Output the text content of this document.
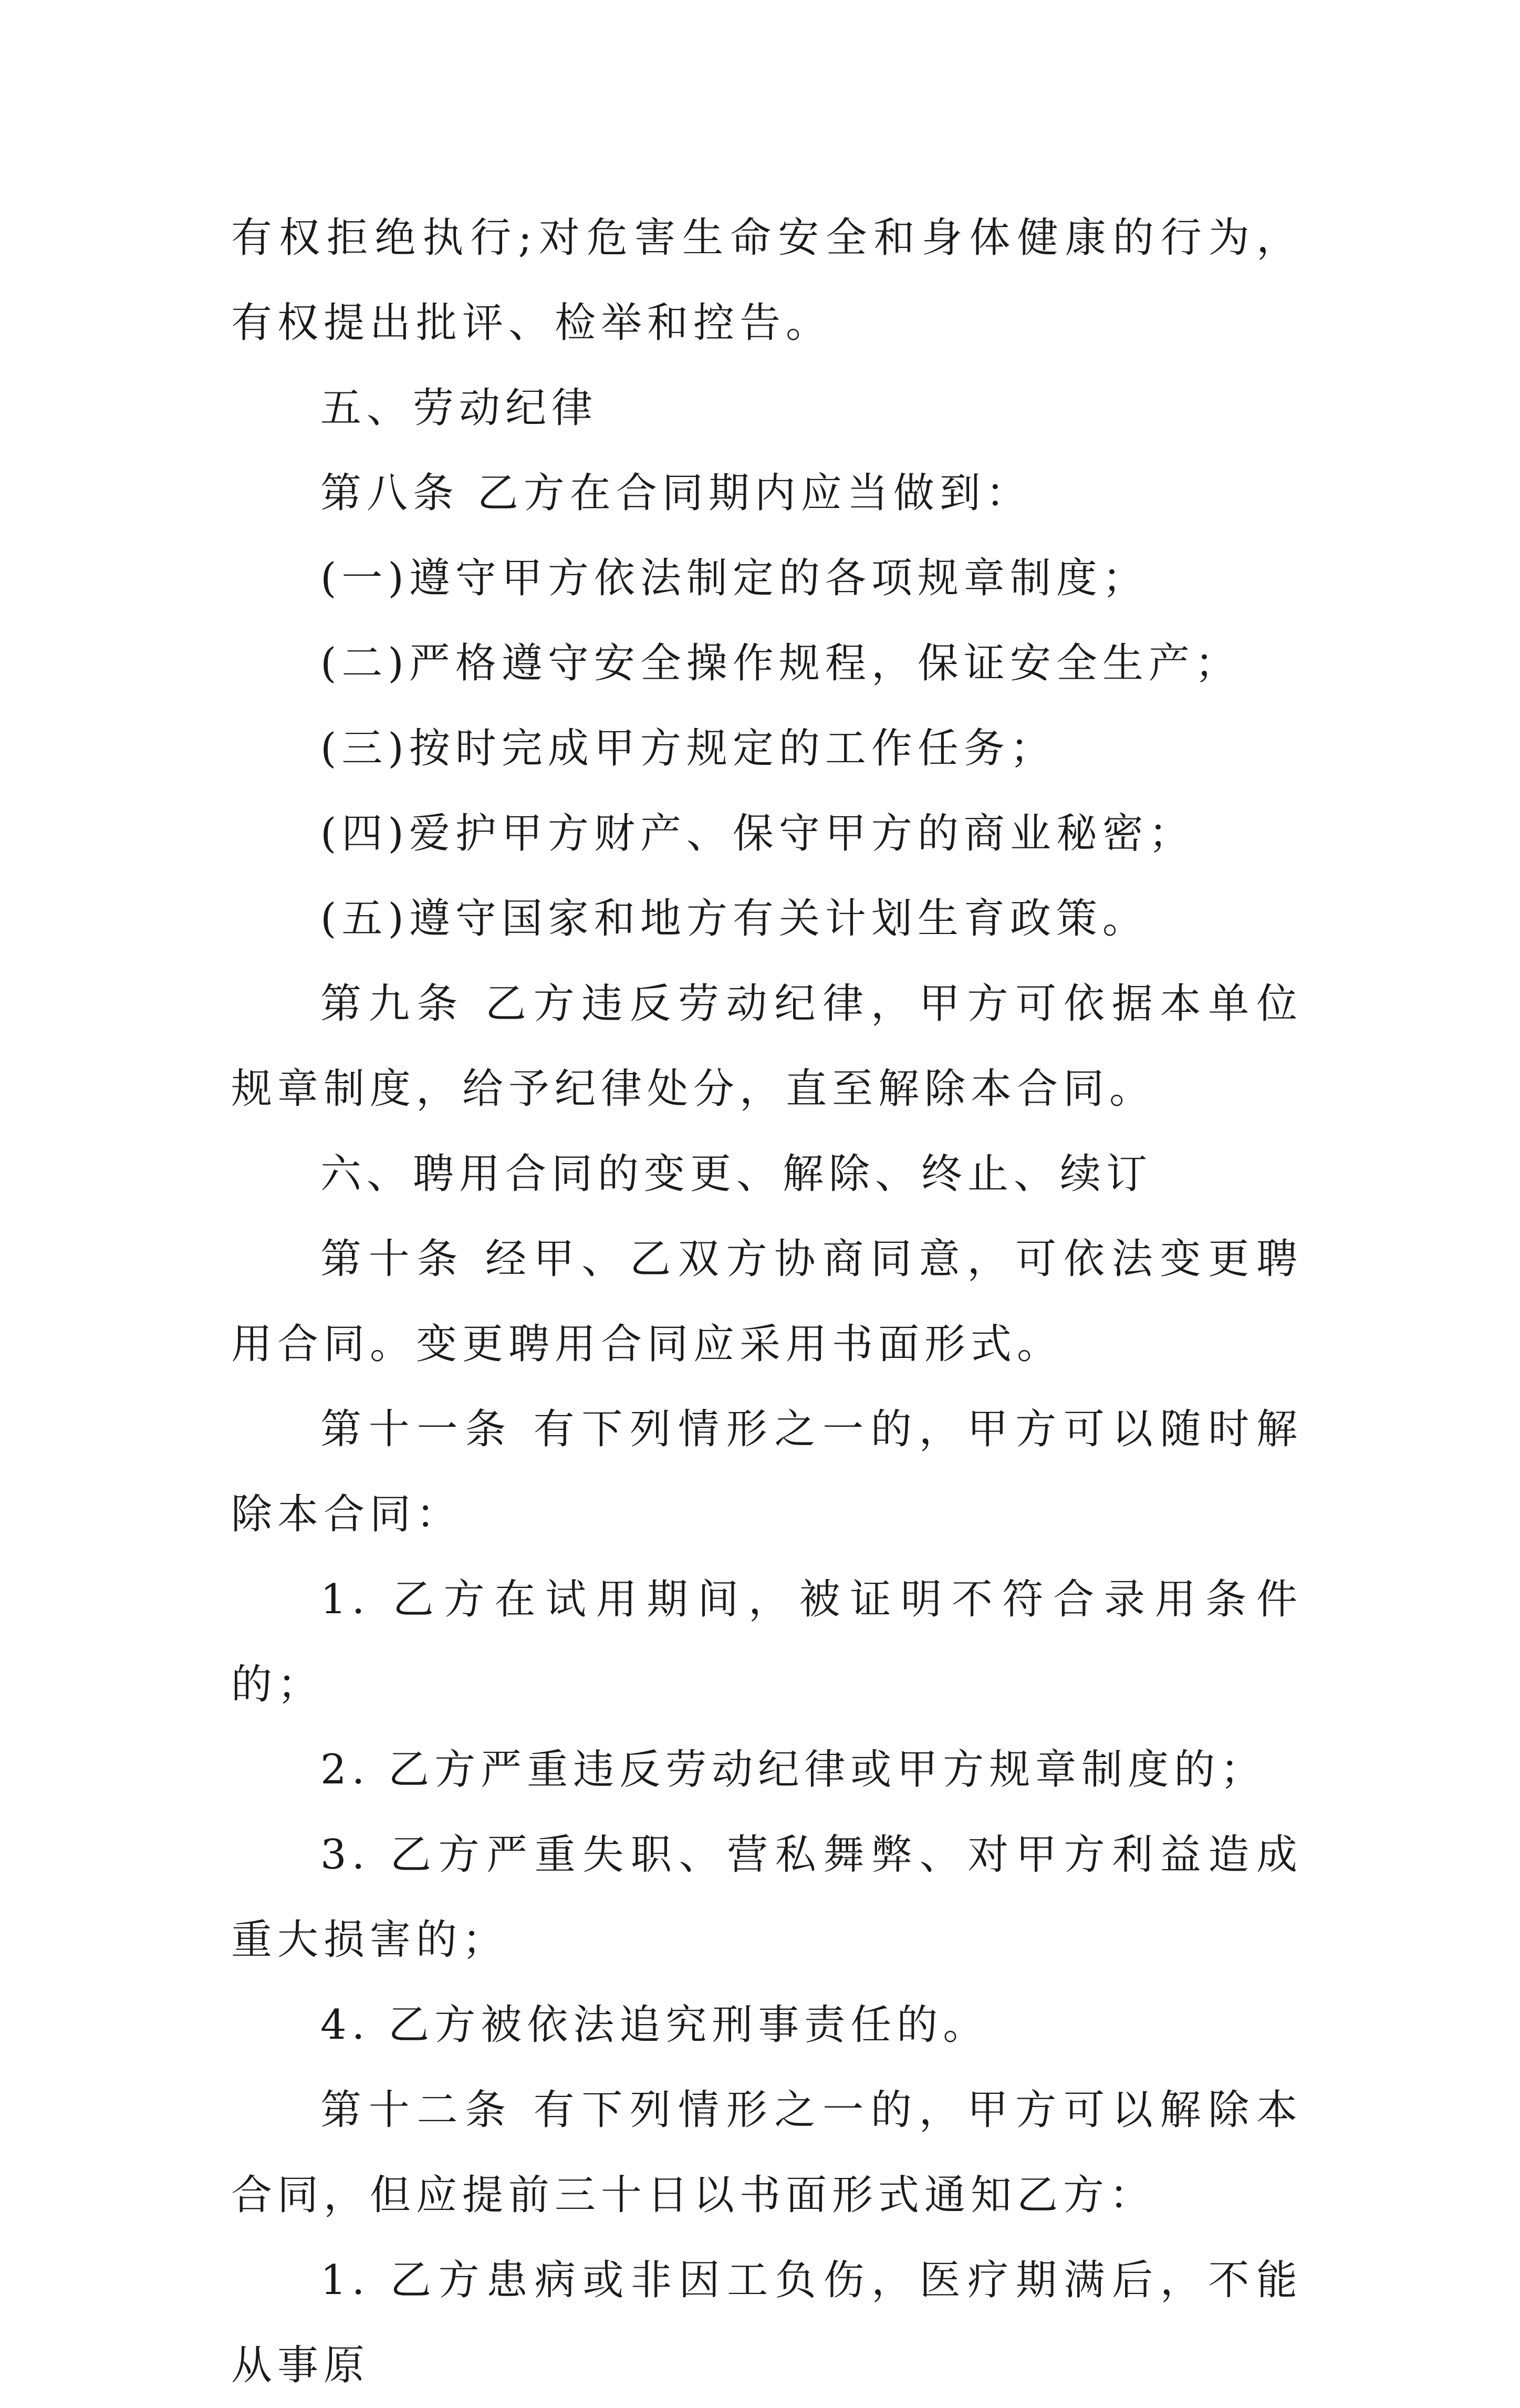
有权拒绝执行;对危害生命安全和身体健康的行为，有权提出批评、检举和控告。

五、劳动纪律

第八条 乙方在合同期内应当做到：

(一)遵守甲方依法制定的各项规章制度；

(二)严格遵守安全操作规程，保证安全生产；

(三)按时完成甲方规定的工作任务；

(四)爱护甲方财产、保守甲方的商业秘密；

(五)遵守国家和地方有关计划生育政策。

第九条 乙方违反劳动纪律，甲方可依据本单位规章制度，给予纪律处分，直至解除本合同。

六、聘用合同的变更、解除、终止、续订

第十条 经甲、乙双方协商同意，可依法变更聘用合同。变更聘用合同应采用书面形式。

第十一条 有下列情形之一的，甲方可以随时解除本合同：

1. 乙方在试用期间，被证明不符合录用条件的；

2. 乙方严重违反劳动纪律或甲方规章制度的；

3. 乙方严重失职、营私舞弊、对甲方利益造成重大损害的；

4. 乙方被依法追究刑事责任的。

第十二条 有下列情形之一的，甲方可以解除本合同，但应提前三十日以书面形式通知乙方：

1. 乙方患病或非因工负伤，医疗期满后，不能从事原
